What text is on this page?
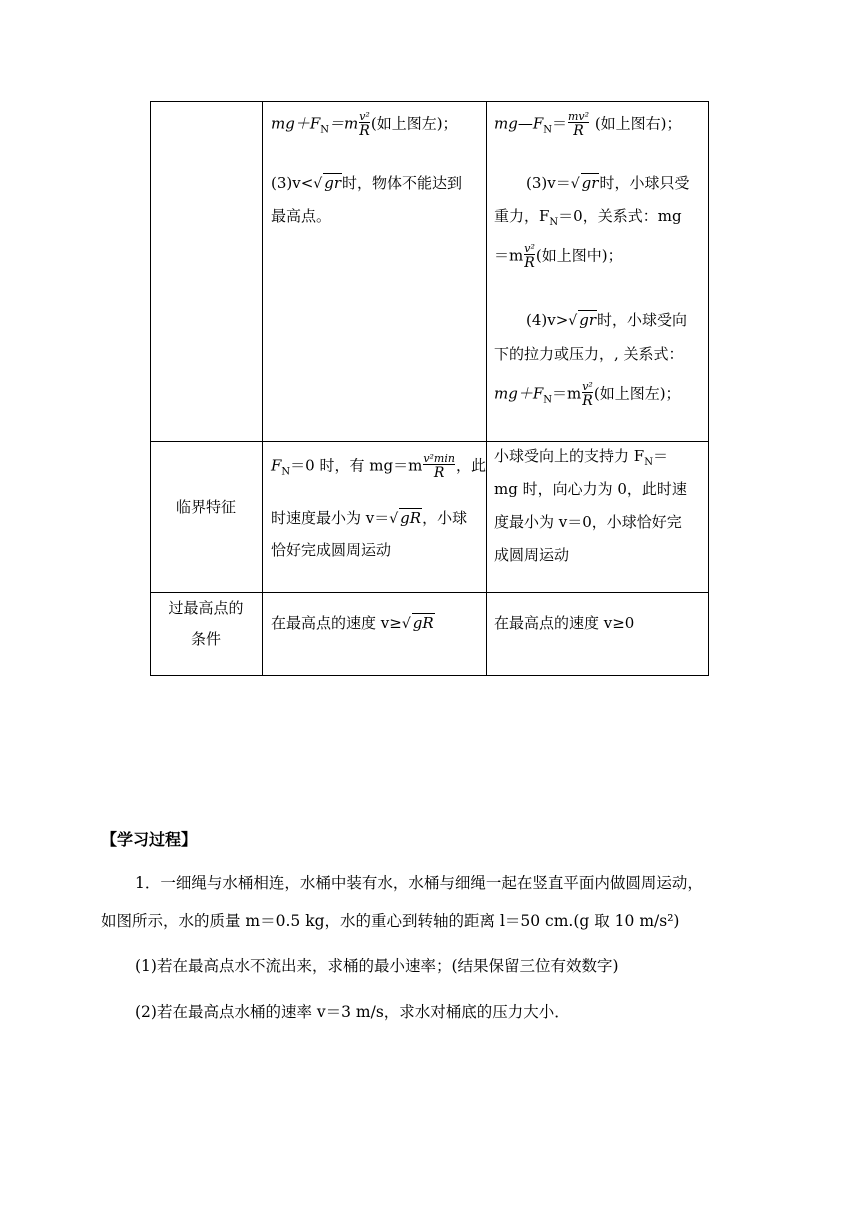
$mg+F_N=m \frac{\text{v²}}{R}$ (如上图左)；
(3)v<√ gr时，物体不能达到
最高点。
$mg—F_N= \frac{\text{mv²}}{R}$ (如上图右)；
(3)v＝√ gr时，小球只受
重力，$F_N=0$，关系式：mg
$=m \frac{\text{v²}}{R}$ (如上图中)；
(4)v>√ gr时，小球受向
下的拉力或压力，, 关系式：
$mg+F_N=m \frac{\text{v²}}{R}$ (如上图左)；
临界特征
$F_N=0$ 时，有 $mg=m \frac{\text{v²min}}{R}$ ，此
时速度最小为 v＝√ gR，小球
恰好完成圆周运动
小球受向上的支持力 $F_N=$
mg 时，向心力为 0，此时速
度最小为 v＝0，小球恰好完
成圆周运动
过最高点的
条件
在最高点的速度 v≥√ gR	在最高点的速度 v≥0
【学习过程】
1．一细绳与水桶相连，水桶中装有水，水桶与细绳一起在竖直平面内做圆周运动，
如图所示，水的质量 m＝0.5 kg，水的重心到转轴的距离 l＝50 cm.(g 取 10 m/s²)
(1)若在最高点水不流出来，求桶的最小速率；(结果保留三位有效数字)
(2)若在最高点水桶的速率 v＝3 m/s，求水对桶底的压力大小．
